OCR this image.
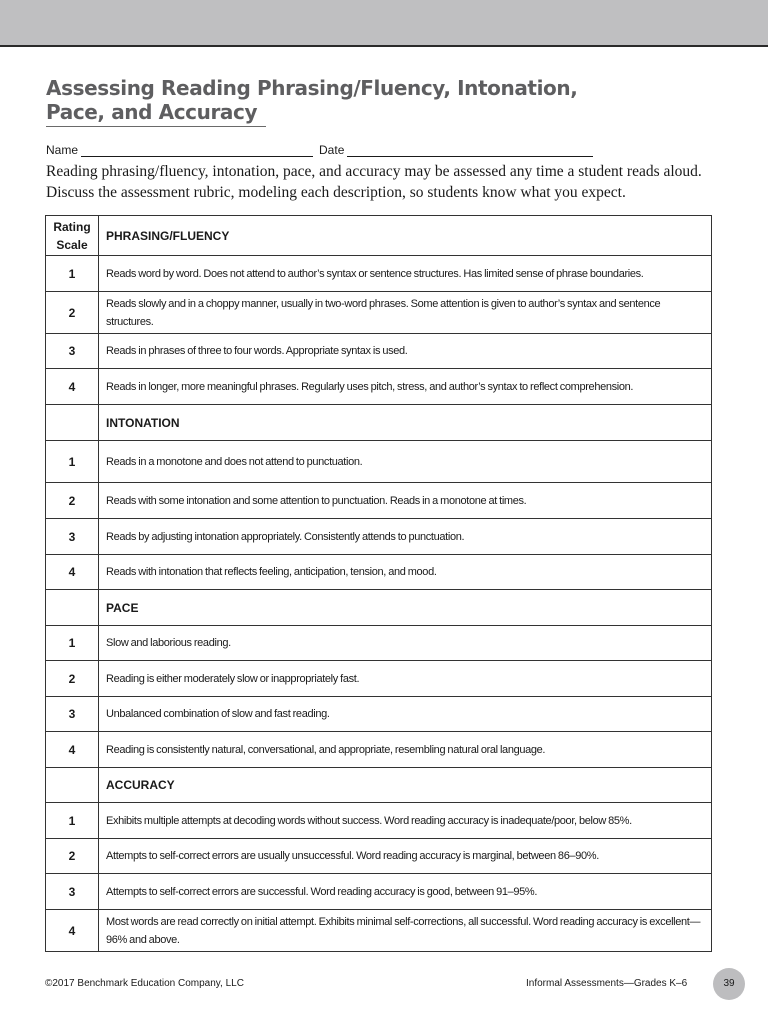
Assessing Reading Phrasing/Fluency, Intonation,
Pace, and Accuracy
Name	Date
Reading phrasing/fluency, intonation, pace, and accuracy may be assessed any time a student reads aloud.
Discuss the assessment rubric, modeling each description, so students know what you expect.
Rating
Scale	PHRASING/FLUENCY
1	Reads word by word. Does not attend to author’s syntax or sentence structures. Has limited sense of phrase boundaries.
2	Reads slowly and in a choppy manner, usually in two-word phrases. Some attention is given to author’s syntax and sentence structures.
3	Reads in phrases of three to four words. Appropriate syntax is used.
4	Reads in longer, more meaningful phrases. Regularly uses pitch, stress, and author’s syntax to reflect comprehension.
	INTONATION
1	Reads in a monotone and does not attend to punctuation.
2	Reads with some intonation and some attention to punctuation. Reads in a monotone at times.
3	Reads by adjusting intonation appropriately. Consistently attends to punctuation.
4	Reads with intonation that reflects feeling, anticipation, tension, and mood.
	PACE
1	Slow and laborious reading.
2	Reading is either moderately slow or inappropriately fast.
3	Unbalanced combination of slow and fast reading.
4	Reading is consistently natural, conversational, and appropriate, resembling natural oral language.
	ACCURACY
1	Exhibits multiple attempts at decoding words without success. Word reading accuracy is inadequate/poor, below 85%.
2	Attempts to self-correct errors are usually unsuccessful. Word reading accuracy is marginal, between 86–90%.
3	Attempts to self-correct errors are successful. Word reading accuracy is good, between 91–95%.
4	Most words are read correctly on initial attempt. Exhibits minimal self-corrections, all successful. Word reading accuracy is excellent—96% and above.
©2017 Benchmark Education Company, LLC	Informal Assessments—Grades K–6	39
